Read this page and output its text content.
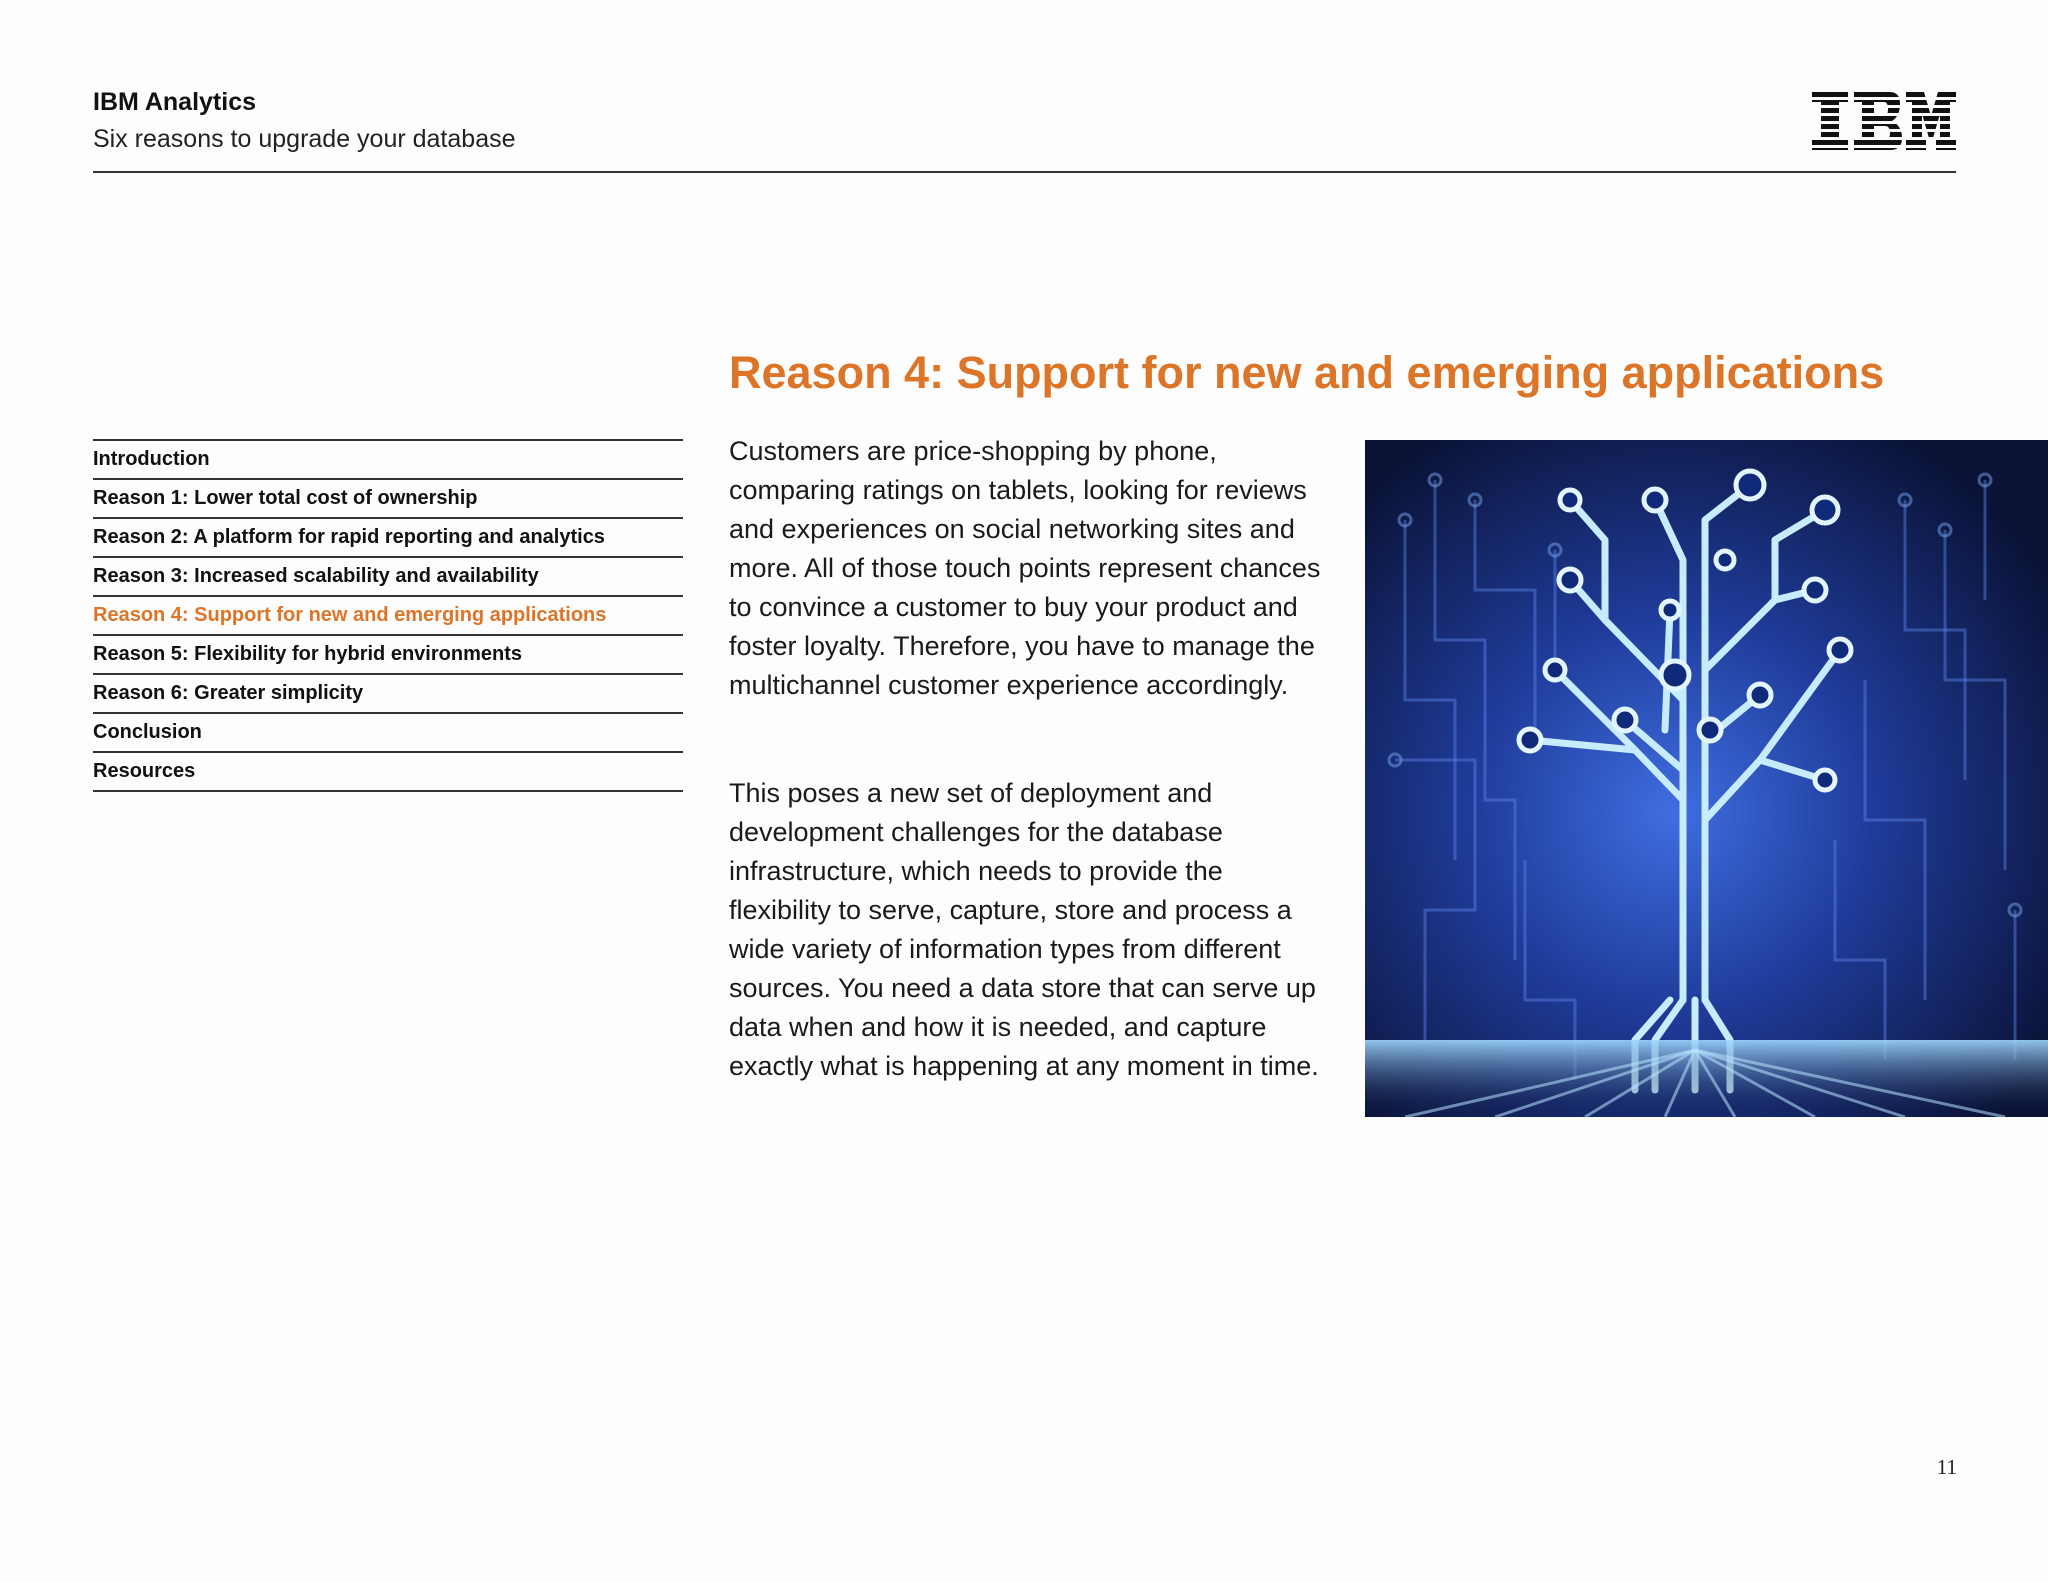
IBM Analytics
Six reasons to upgrade your database
Introduction
Reason 1: Lower total cost of ownership
Reason 2: A platform for rapid reporting and analytics
Reason 3: Increased scalability and availability
Reason 4: Support for new and emerging applications
Reason 5: Flexibility for hybrid environments
Reason 6: Greater simplicity
Conclusion
Resources
Reason 4: Support for new and emerging applications

Customers are price-shopping by phone, comparing ratings on tablets, looking for reviews and experiences on social networking sites and more. All of those touch points represent chances to convince a customer to buy your product and foster loyalty. Therefore, you have to manage the multichannel customer experience accordingly.

This poses a new set of deployment and development challenges for the database infrastructure, which needs to provide the flexibility to serve, capture, store and process a wide variety of information types from different sources. You need a data store that can serve up data when and how it is needed, and capture exactly what is happening at any moment in time.

11
